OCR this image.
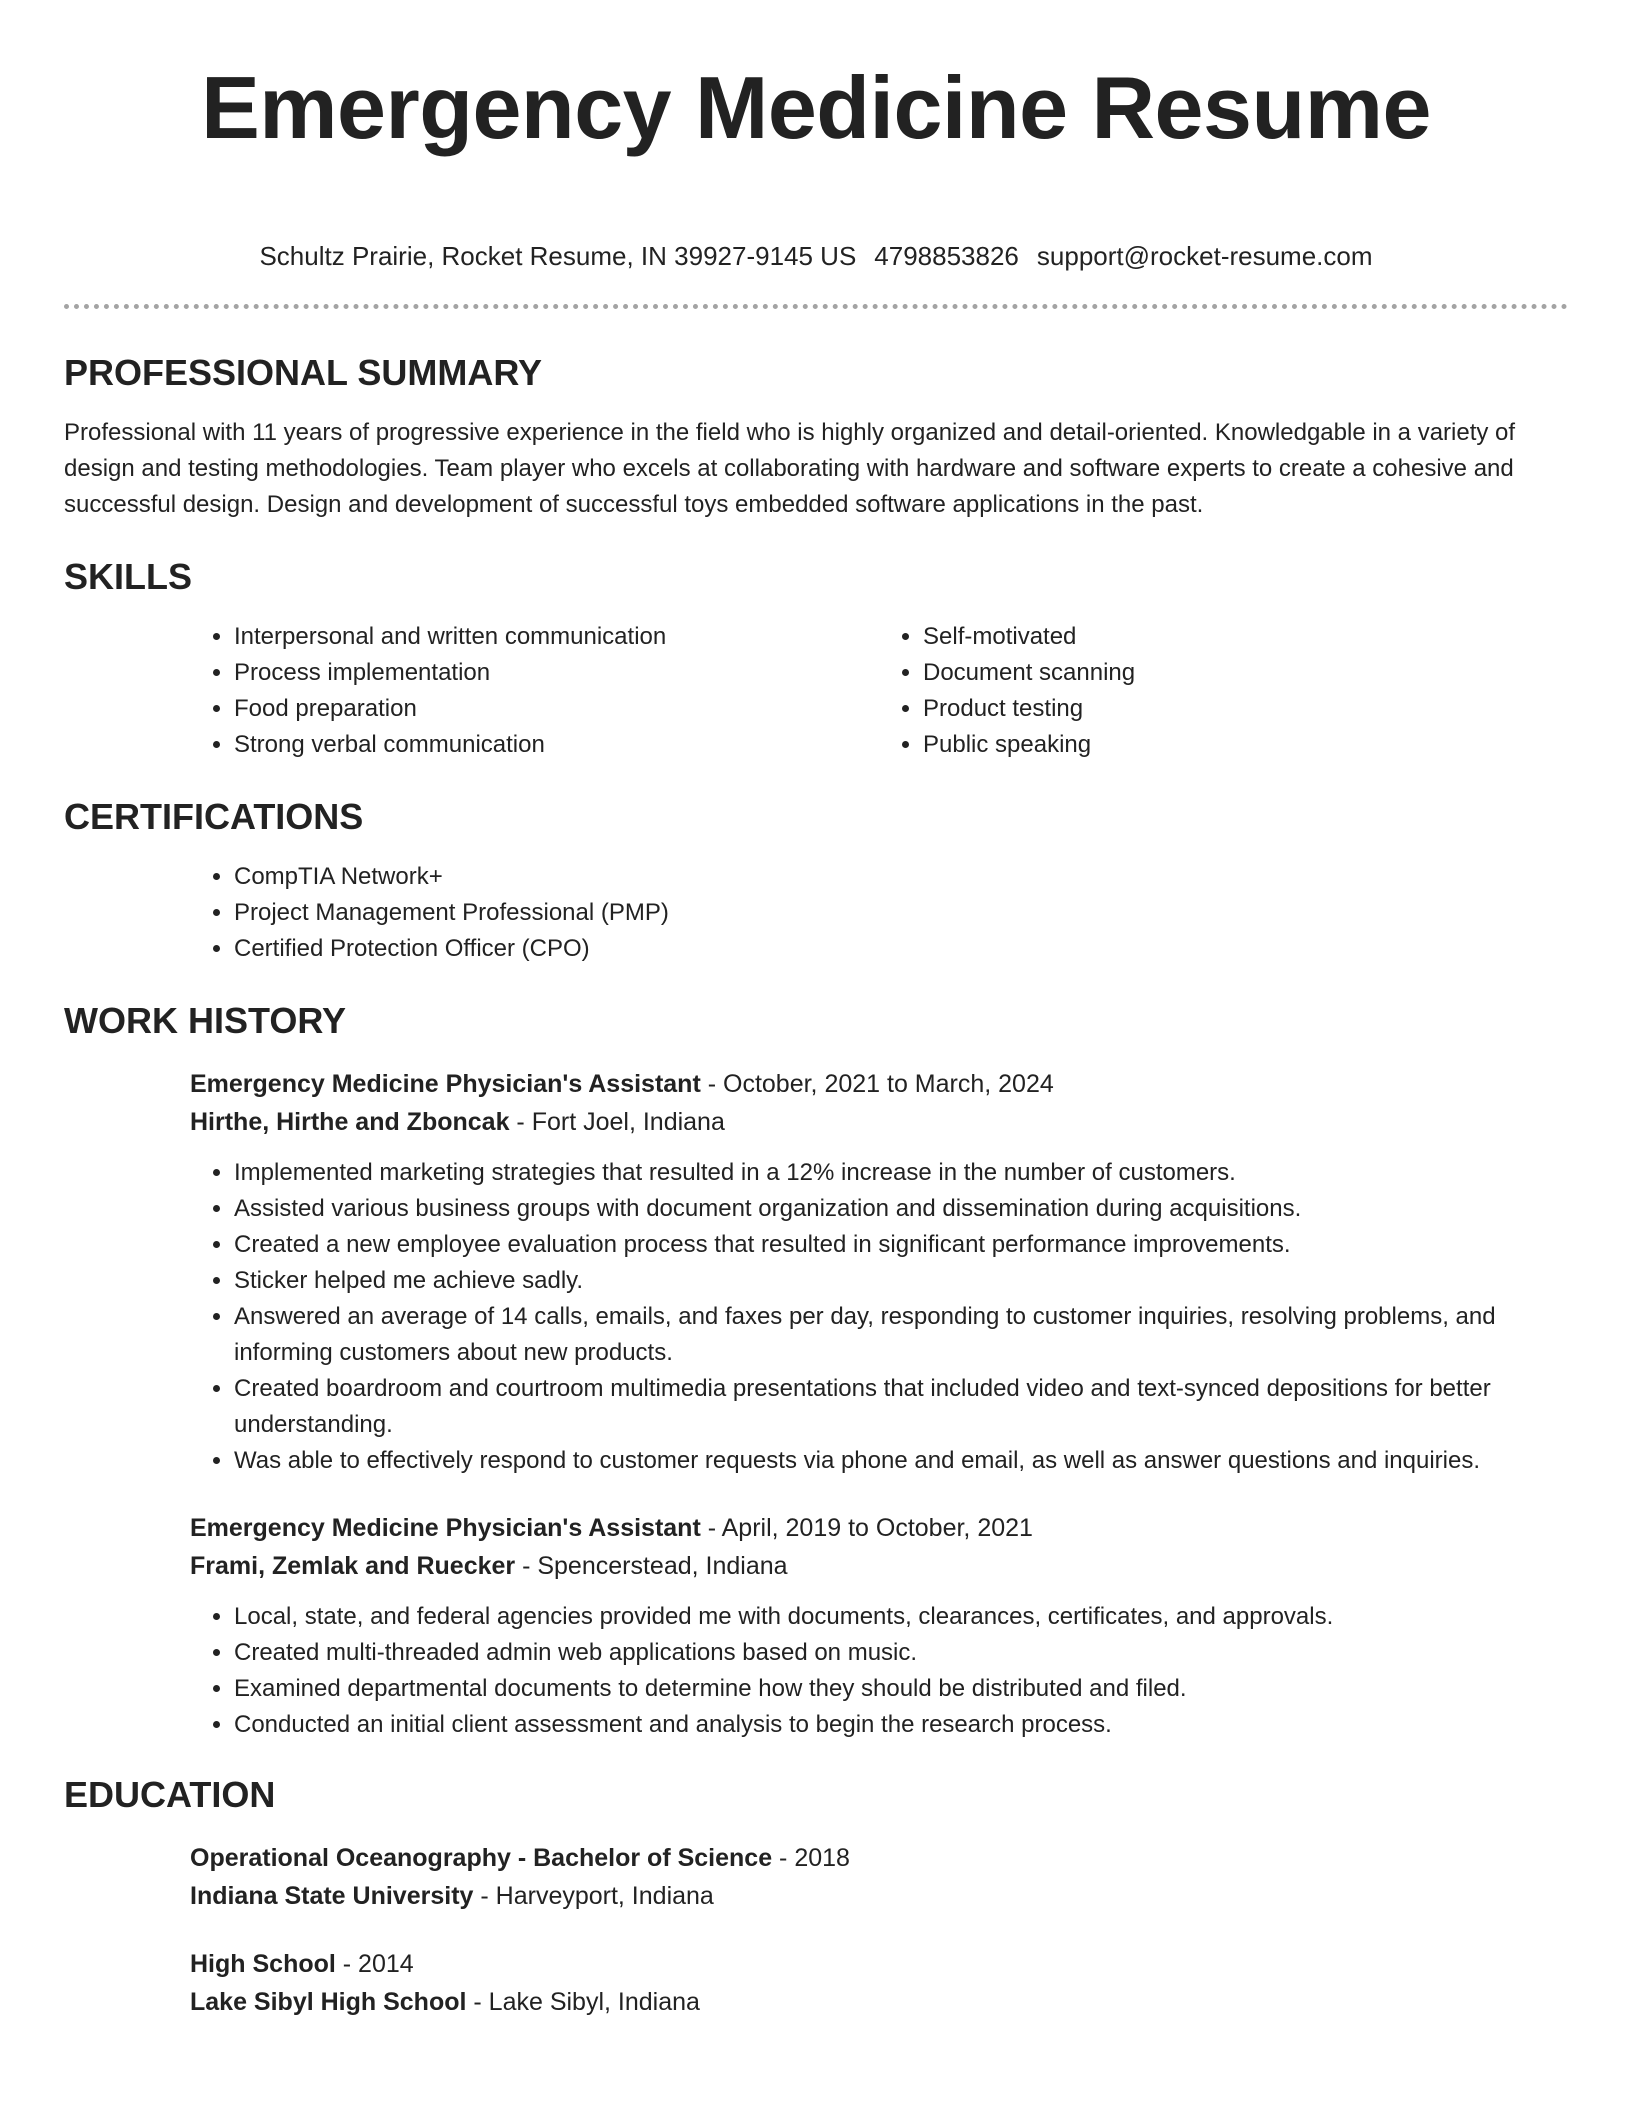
Emergency Medicine Resume
Schultz Prairie, Rocket Resume, IN 39927-9145 US 4798853826 support@rocket-resume.com
PROFESSIONAL SUMMARY

Professional with 11 years of progressive experience in the field who is highly organized and detail-oriented. Knowledgable in a variety of design and testing methodologies. Team player who excels at collaborating with hardware and software experts to create a cohesive and successful design. Design and development of successful toys embedded software applications in the past.

SKILLS
• Interpersonal and written communication
• Process implementation
• Food preparation
• Strong verbal communication
• Self-motivated
• Document scanning
• Product testing
• Public speaking
CERTIFICATIONS
• CompTIA Network+
• Project Management Professional (PMP)
• Certified Protection Officer (CPO)
WORK HISTORY
Emergency Medicine Physician's Assistant - October, 2021 to March, 2024
Hirthe, Hirthe and Zboncak - Fort Joel, Indiana
• Implemented marketing strategies that resulted in a 12% increase in the number of customers.
• Assisted various business groups with document organization and dissemination during acquisitions.
• Created a new employee evaluation process that resulted in significant performance improvements.
• Sticker helped me achieve sadly.
• Answered an average of 14 calls, emails, and faxes per day, responding to customer inquiries, resolving problems, and informing customers about new products.
• Created boardroom and courtroom multimedia presentations that included video and text-synced depositions for better understanding.
• Was able to effectively respond to customer requests via phone and email, as well as answer questions and inquiries.
Emergency Medicine Physician's Assistant - April, 2019 to October, 2021
Frami, Zemlak and Ruecker - Spencerstead, Indiana
• Local, state, and federal agencies provided me with documents, clearances, certificates, and approvals.
• Created multi-threaded admin web applications based on music.
• Examined departmental documents to determine how they should be distributed and filed.
• Conducted an initial client assessment and analysis to begin the research process.
EDUCATION
Operational Oceanography - Bachelor of Science - 2018
Indiana State University - Harveyport, Indiana
High School - 2014
Lake Sibyl High School - Lake Sibyl, Indiana
